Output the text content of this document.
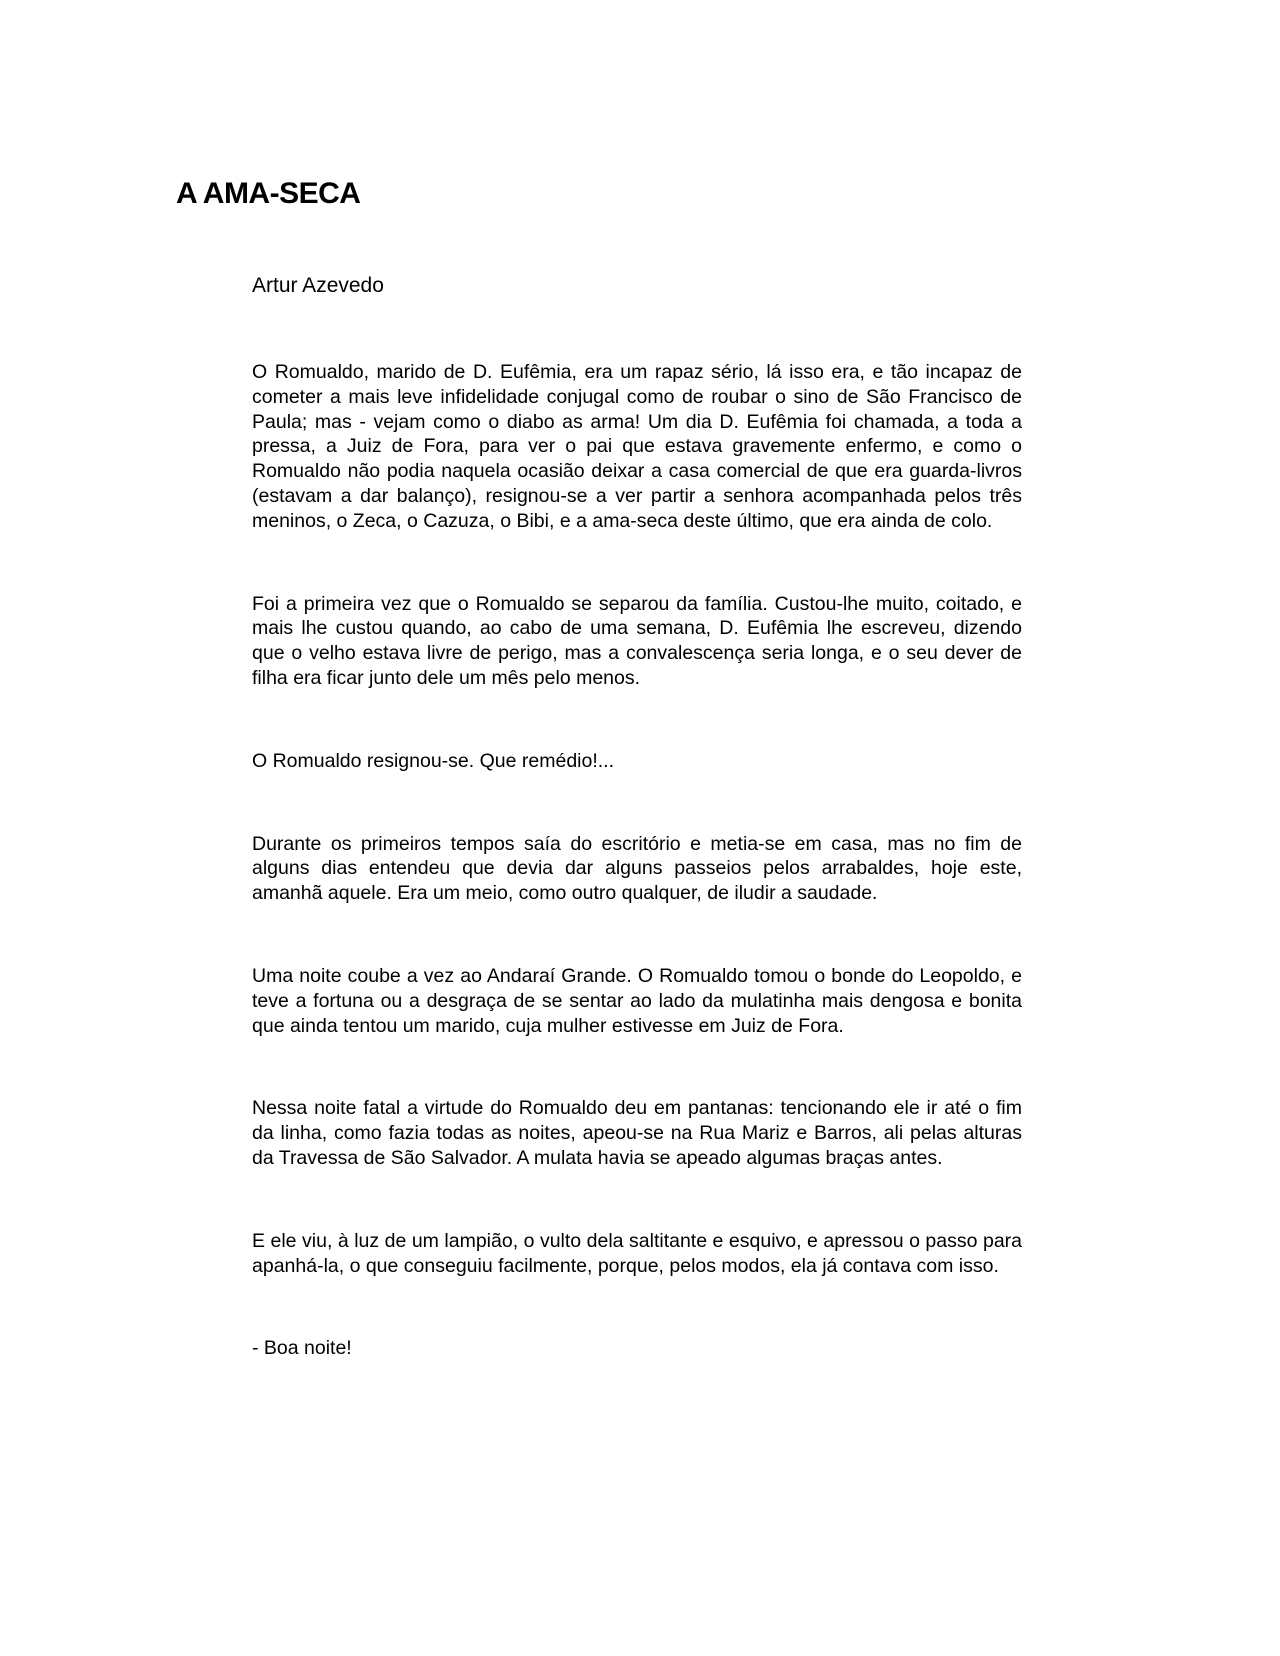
A AMA-SECA

Artur Azevedo

O Romualdo, marido de D. Eufêmia, era um rapaz sério, lá isso era, e tão incapaz de cometer a mais leve infidelidade conjugal como de roubar o sino de São Francisco de Paula; mas - vejam como o diabo as arma! Um dia D. Eufêmia foi chamada, a toda a pressa, a Juiz de Fora, para ver o pai que estava gravemente enfermo, e como o Romualdo não podia naquela ocasião deixar a casa comercial de que era guarda-livros (estavam a dar balanço), resignou-se a ver partir a senhora acompanhada pelos três meninos, o Zeca, o Cazuza, o Bibi, e a ama-seca deste último, que era ainda de colo.

Foi a primeira vez que o Romualdo se separou da família. Custou-lhe muito, coitado, e mais lhe custou quando, ao cabo de uma semana, D. Eufêmia lhe escreveu, dizendo que o velho estava livre de perigo, mas a convalescença seria longa, e o seu dever de filha era ficar junto dele um mês pelo menos.

O Romualdo resignou-se. Que remédio!...

Durante os primeiros tempos saía do escritório e metia-se em casa, mas no fim de alguns dias entendeu que devia dar alguns passeios pelos arrabaldes, hoje este, amanhã aquele. Era um meio, como outro qualquer, de iludir a saudade.

Uma noite coube a vez ao Andaraí Grande. O Romualdo tomou o bonde do Leopoldo, e teve a fortuna ou a desgraça de se sentar ao lado da mulatinha mais dengosa e bonita que ainda tentou um marido, cuja mulher estivesse em Juiz de Fora.

Nessa noite fatal a virtude do Romualdo deu em pantanas: tencionando ele ir até o fim da linha, como fazia todas as noites, apeou-se na Rua Mariz e Barros, ali pelas alturas da Travessa de São Salvador. A mulata havia se apeado algumas braças antes.

E ele viu, à luz de um lampião, o vulto dela saltitante e esquivo, e apressou o passo para apanhá-la, o que conseguiu facilmente, porque, pelos modos, ela já contava com isso.

- Boa noite!
